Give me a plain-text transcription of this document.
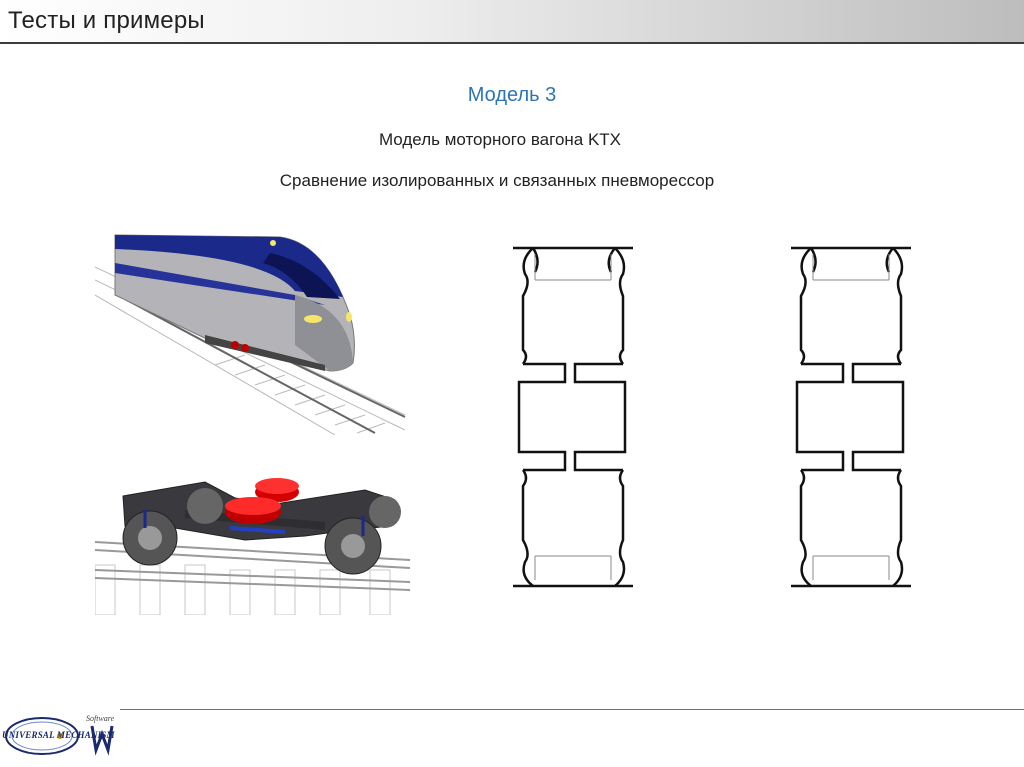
Тесты и примеры
Модель 3
Модель моторного вагона KTX
Сравнение изолированных и связанных пневморессор
Software
UNIVERSAL MECHANISM
